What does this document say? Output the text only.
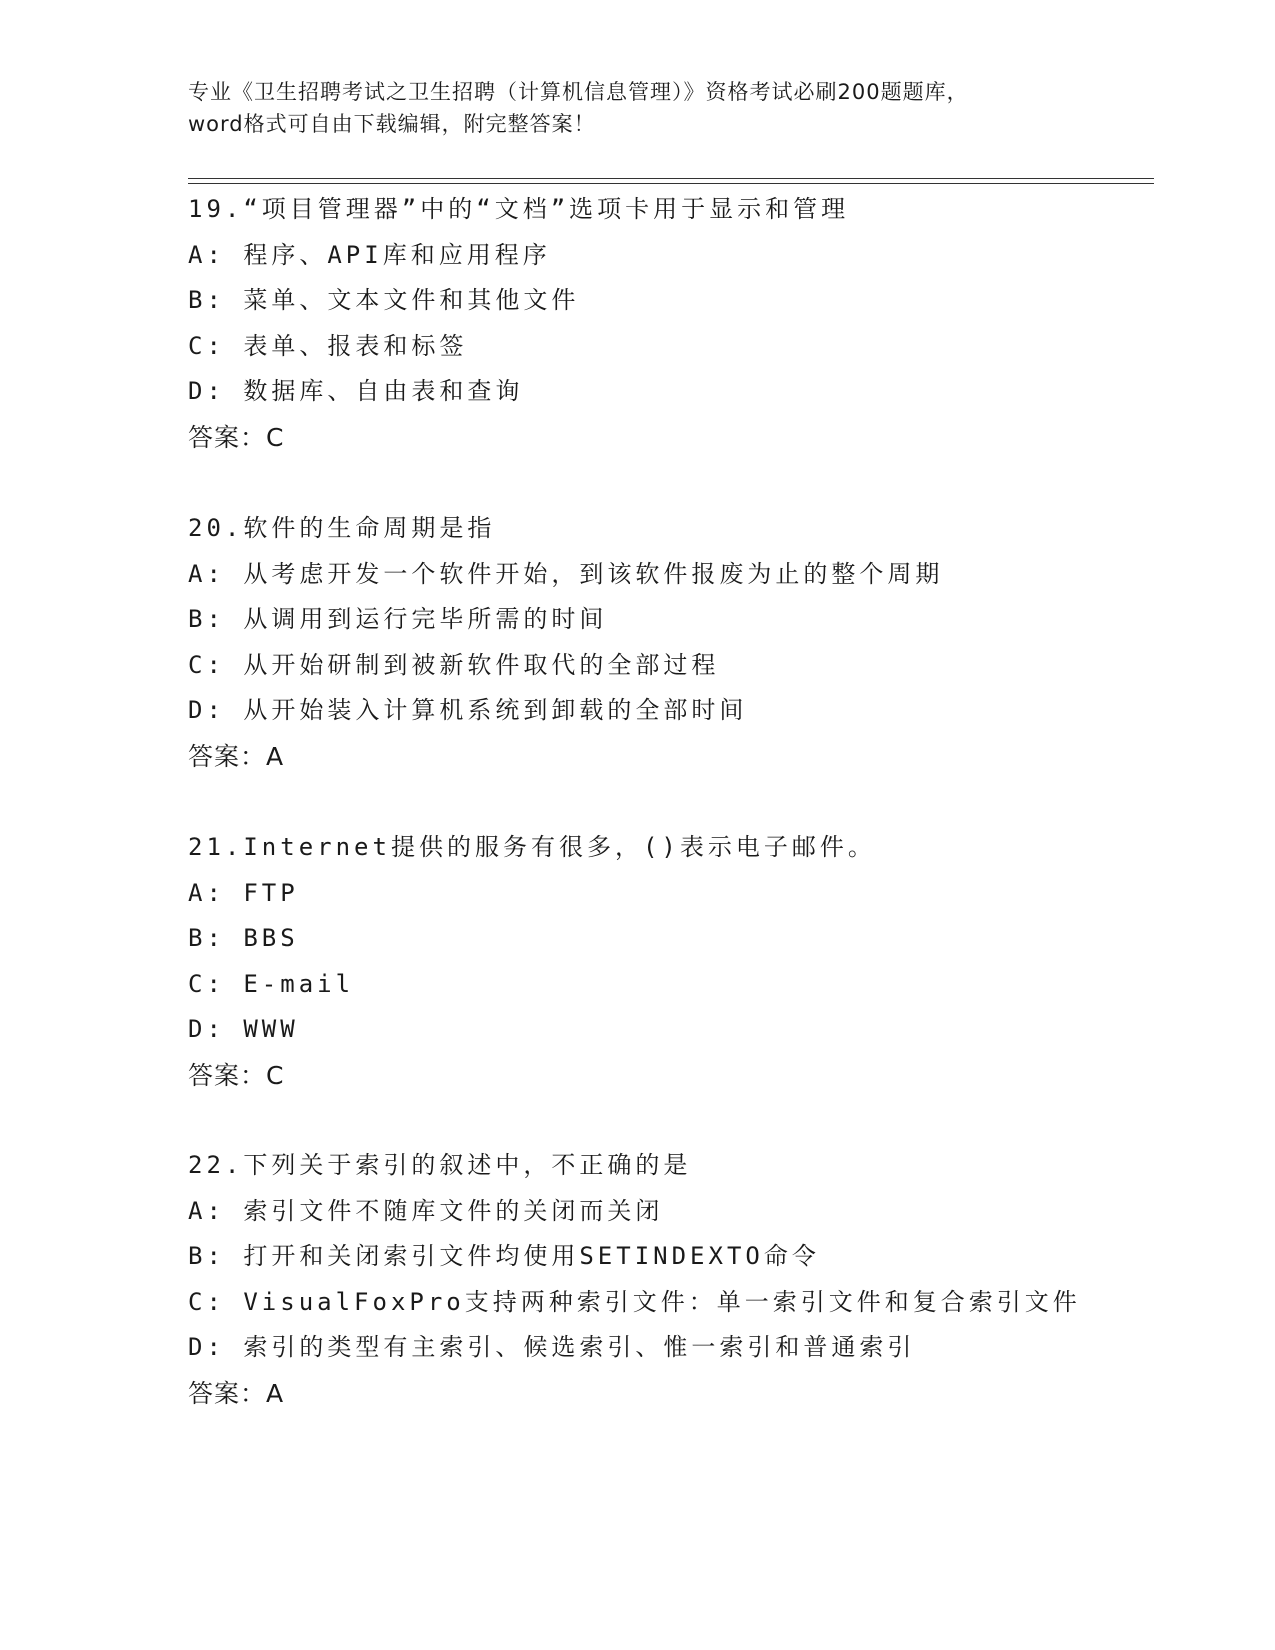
专业《卫生招聘考试之卫生招聘（计算机信息管理）》资格考试必刷200题题库，
word格式可自由下载编辑，附完整答案！
19.“项目管理器”中的“文档”选项卡用于显示和管理
A: 程序、API库和应用程序
B: 菜单、文本文件和其他文件
C: 表单、报表和标签
D: 数据库、自由表和查询
答案：C
20.软件的生命周期是指
A: 从考虑开发一个软件开始，到该软件报废为止的整个周期
B: 从调用到运行完毕所需的时间
C: 从开始研制到被新软件取代的全部过程
D: 从开始装入计算机系统到卸载的全部时间
答案：A
21.Internet提供的服务有很多，()表示电子邮件。
A: FTP
B: BBS
C: E-mail
D: WWW
答案：C
22.下列关于索引的叙述中，不正确的是
A: 索引文件不随库文件的关闭而关闭
B: 打开和关闭索引文件均使用SETINDEXTO命令
C: VisualFoxPro支持两种索引文件：单一索引文件和复合索引文件
D: 索引的类型有主索引、候选索引、惟一索引和普通索引
答案：A
